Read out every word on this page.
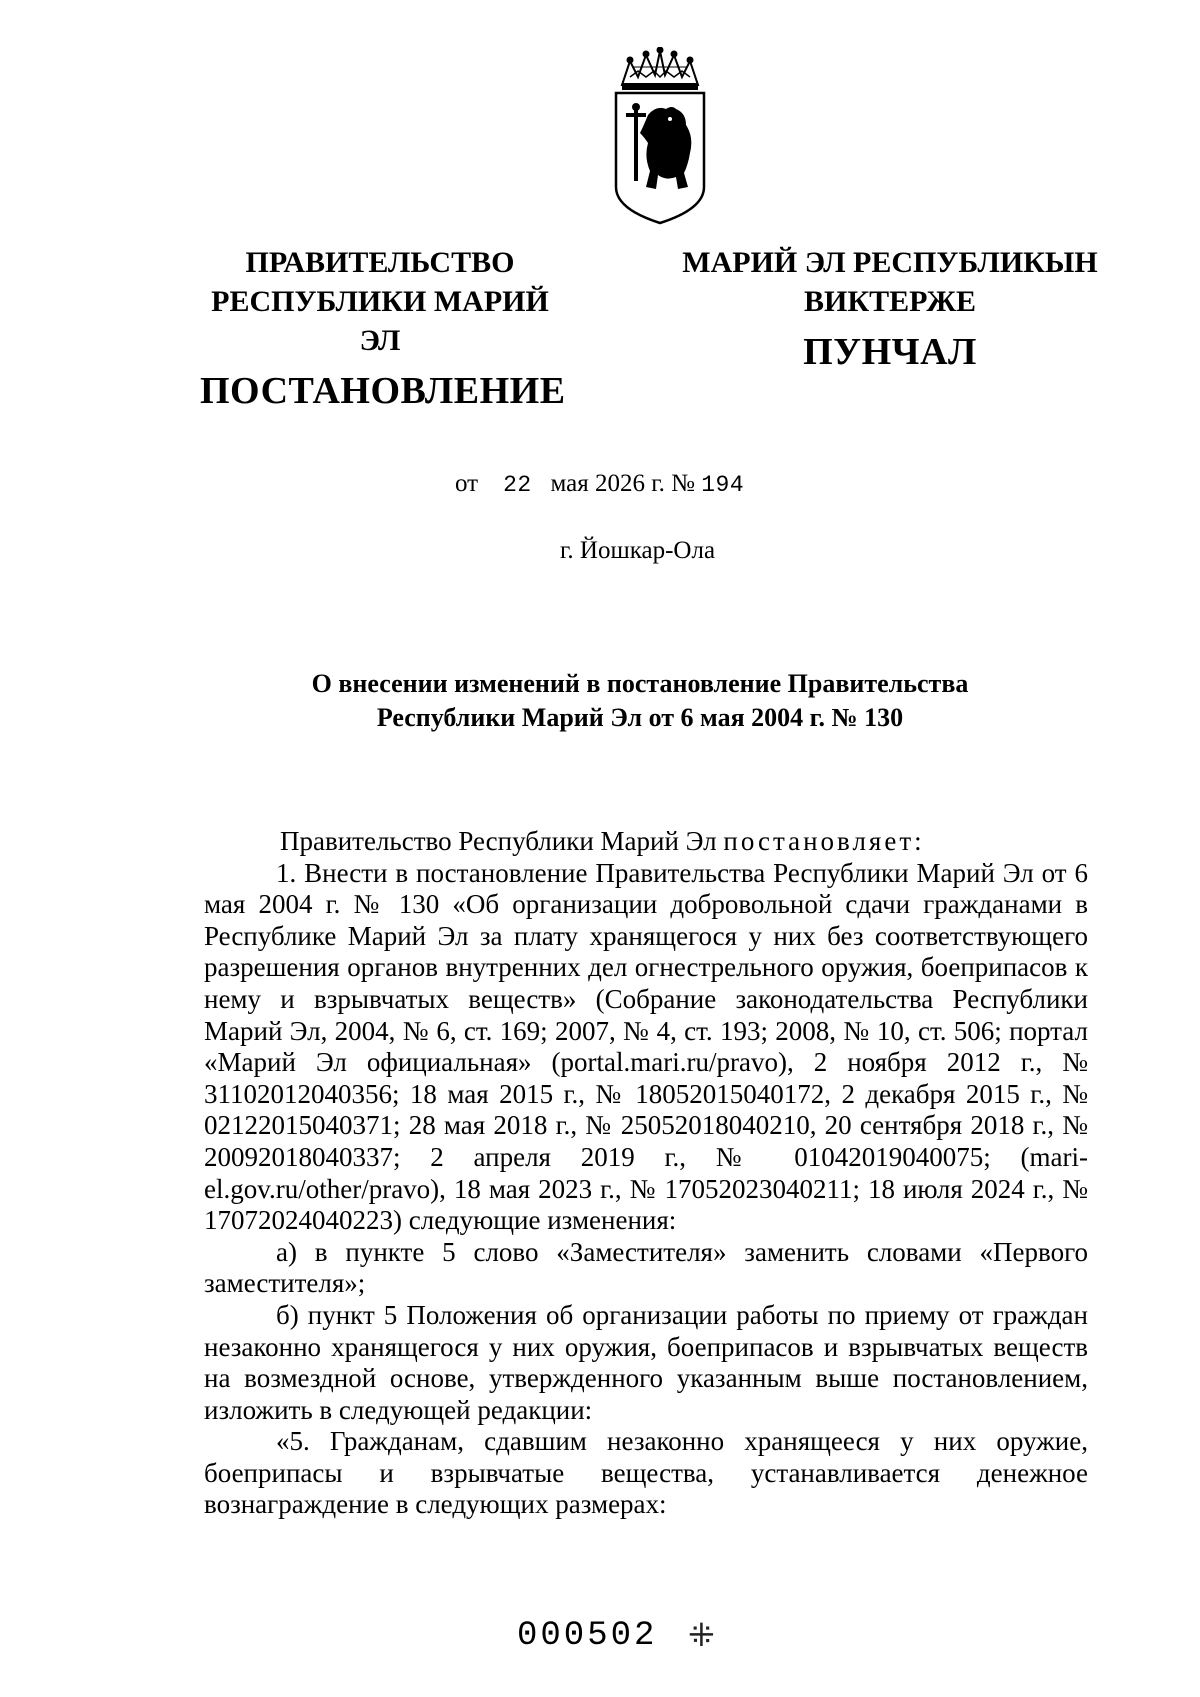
ПРАВИТЕЛЬСТВО
РЕСПУБЛИКИ МАРИЙ ЭЛ
ПОСТАНОВЛЕНИЕ
МАРИЙ ЭЛ РЕСПУБЛИКЫН
ВИКТЕРЖЕ
ПУНЧАЛ
от 22 мая 2026 г. № 194
г. Йошкар-Ола
О внесении изменений в постановление Правительства
Республики Марий Эл от 6 мая 2004 г. № 130

Правительство Республики Марий Эл постановляет:

1. Внести в постановление Правительства Республики Марий Эл от 6 мая 2004 г. № 130 «Об организации добровольной сдачи гражданами в Республике Марий Эл за плату хранящегося у них без соответствующего разрешения органов внутренних дел огнестрельного оружия, боеприпасов к нему и взрывчатых веществ» (Собрание законодательства Республики Марий Эл, 2004, № 6, ст. 169; 2007, № 4, ст. 193; 2008, № 10, ст. 506; портал «Марий Эл официальная» (portal.mari.ru/pravo), 2 ноября 2012 г., № 31102012040356; 18 мая 2015 г., № 18052015040172, 2 декабря 2015 г., № 02122015040371; 28 мая 2018 г., № 25052018040210, 20 сентября 2018 г., № 20092018040337; 2 апреля 2019 г., № 01042019040075; (mari-el.gov.ru/other/pravo), 18 мая 2023 г., № 17052023040211; 18 июля 2024 г., № 17072024040223) следующие изменения:

а) в пункте 5 слово «Заместителя» заменить словами «Первого заместителя»;

б) пункт 5 Положения об организации работы по приему от граждан незаконно хранящегося у них оружия, боеприпасов и взрывчатых веществ на возмездной основе, утвержденного указанным выше постановлением, изложить в следующей редакции:

«5. Гражданам, сдавшим незаконно хранящееся у них оружие, боеприпасы и взрывчатые вещества, устанавливается денежное вознаграждение в следующих размерах:

000502 ⁜
